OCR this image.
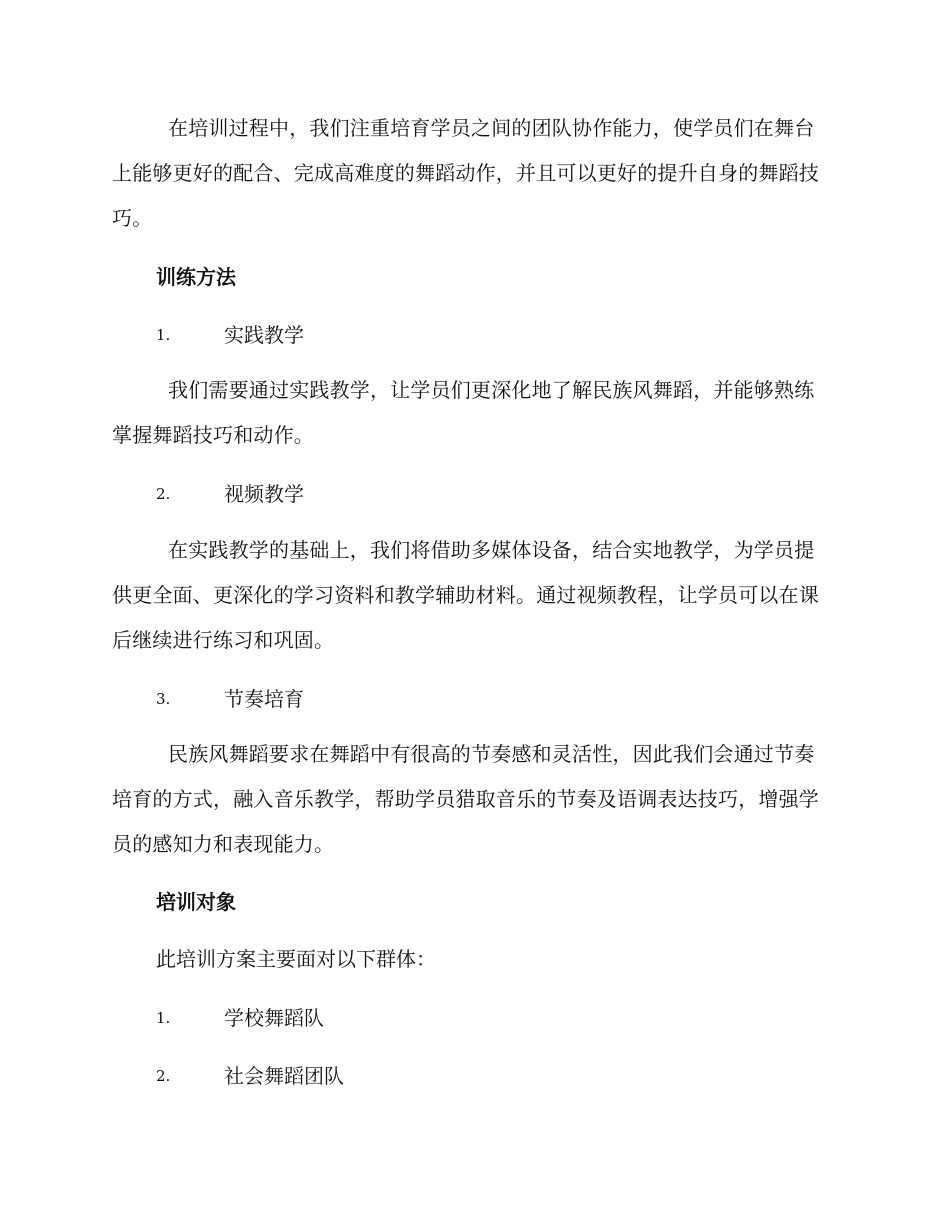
在培训过程中，我们注重培育学员之间的团队协作能力，使学员们在舞台上能够更好的配合、完成高难度的舞蹈动作，并且可以更好的提升自身的舞蹈技巧。

训练方法
1.	实践教学

我们需要通过实践教学，让学员们更深化地了解民族风舞蹈，并能够熟练掌握舞蹈技巧和动作。

2.	视频教学

在实践教学的基础上，我们将借助多媒体设备，结合实地教学，为学员提供更全面、更深化的学习资料和教学辅助材料。通过视频教程，让学员可以在课后继续进行练习和巩固。

3.	节奏培育

民族风舞蹈要求在舞蹈中有很高的节奏感和灵活性，因此我们会通过节奏培育的方式，融入音乐教学，帮助学员猎取音乐的节奏及语调表达技巧，增强学员的感知力和表现能力。

培训对象

此培训方案主要面对以下群体：

1.	学校舞蹈队
2.	社会舞蹈团队
